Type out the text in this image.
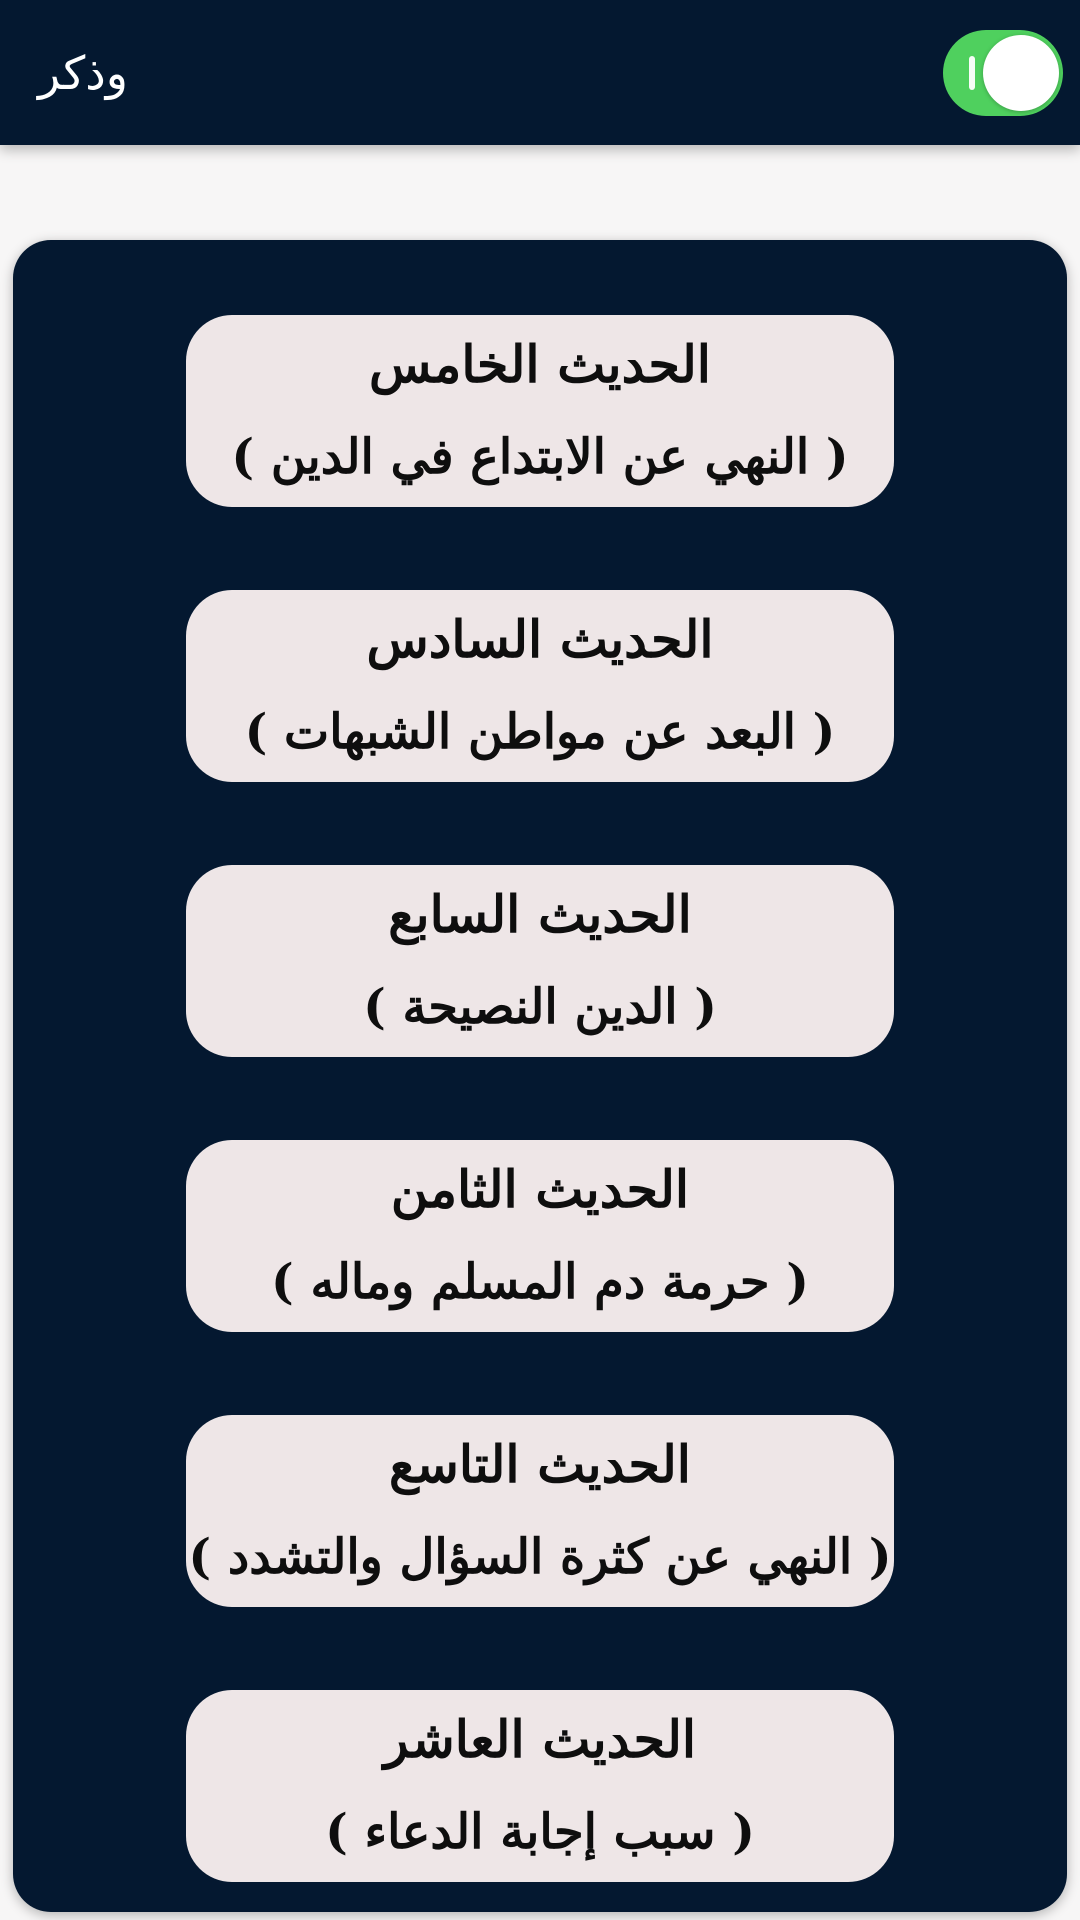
وذكر
الحديث الخامس
( النهي عن الابتداع في الدين )
الحديث السادس
( البعد عن مواطن الشبهات )
الحديث السابع
( الدين النصيحة )
الحديث الثامن
( حرمة دم المسلم وماله )
الحديث التاسع
( النهي عن كثرة السؤال والتشدد )
الحديث العاشر
( سبب إجابة الدعاء )
